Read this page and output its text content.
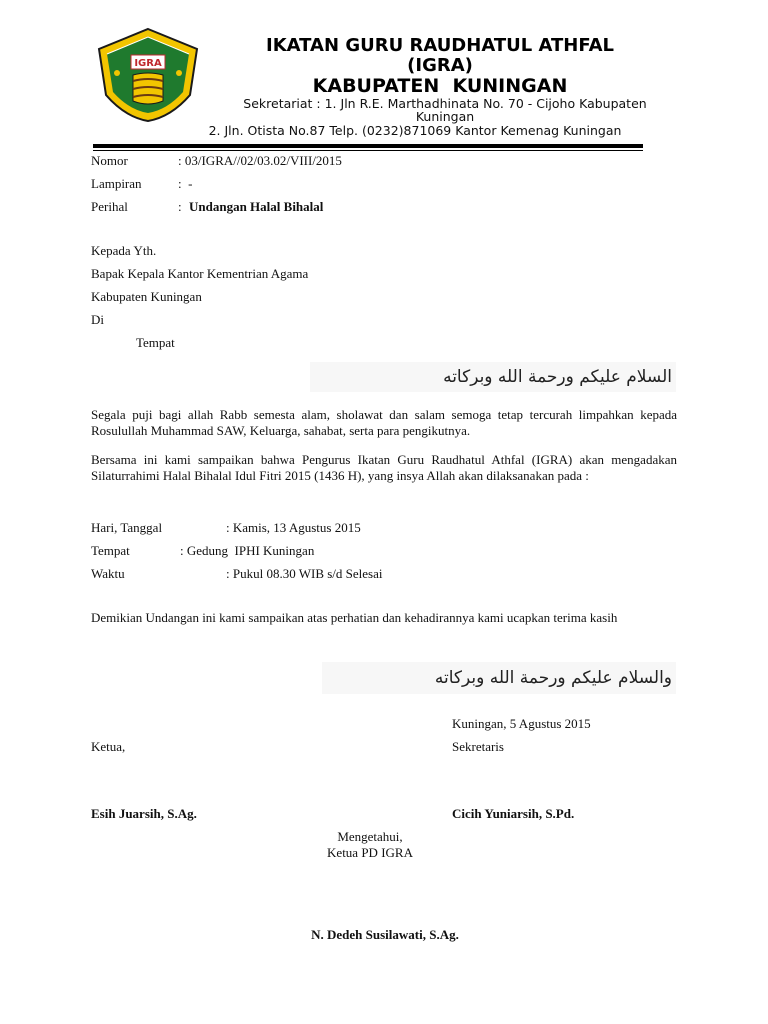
IGRA
IKATAN GURU RAUDHATUL ATHFAL
(IGRA)
KABUPATEN  KUNINGAN
Sekretariat : 1. Jln R.E. Marthadhinata No. 70 - Cijoho Kabupaten
Kuningan
2. Jln. Otista No.87 Telp. (0232)871069 Kantor Kemenag Kuningan
Nomor	: 03/IGRA//02/03.02/VIII/2015
Lampiran	:  -
Perihal	: Undangan Halal Bihalal
Kepada Yth.
Bapak Kepala Kantor Kementrian Agama
Kabupaten Kuningan
Di
Tempat
السلام عليكم ورحمة الله وبركاته
Segala puji bagi allah Rabb semesta alam, sholawat dan salam semoga tetap tercurah limpahkan kepada Rosulullah Muhammad SAW, Keluarga, sahabat, serta para pengikutnya.
Bersama ini kami sampaikan bahwa Pengurus Ikatan Guru Raudhatul Athfal (IGRA) akan mengadakan Silaturrahimi Halal Bihalal Idul Fitri 2015 (1436 H), yang insya Allah akan dilaksanakan pada :
Hari, Tanggal	: Kamis, 13 Agustus 2015
Tempat	: Gedung  IPHI Kuningan
Waktu	: Pukul 08.30 WIB s/d Selesai
Demikian Undangan ini kami sampaikan atas perhatian dan kehadirannya kami ucapkan terima kasih
والسلام عليكم ورحمة الله وبركاته
Kuningan, 5 Agustus 2015
Ketua,	Sekretaris
Esih Juarsih, S.Ag.	Cicih Yuniarsih, S.Pd.
Mengetahui,
Ketua PD IGRA
N. Dedeh Susilawati, S.Ag.
